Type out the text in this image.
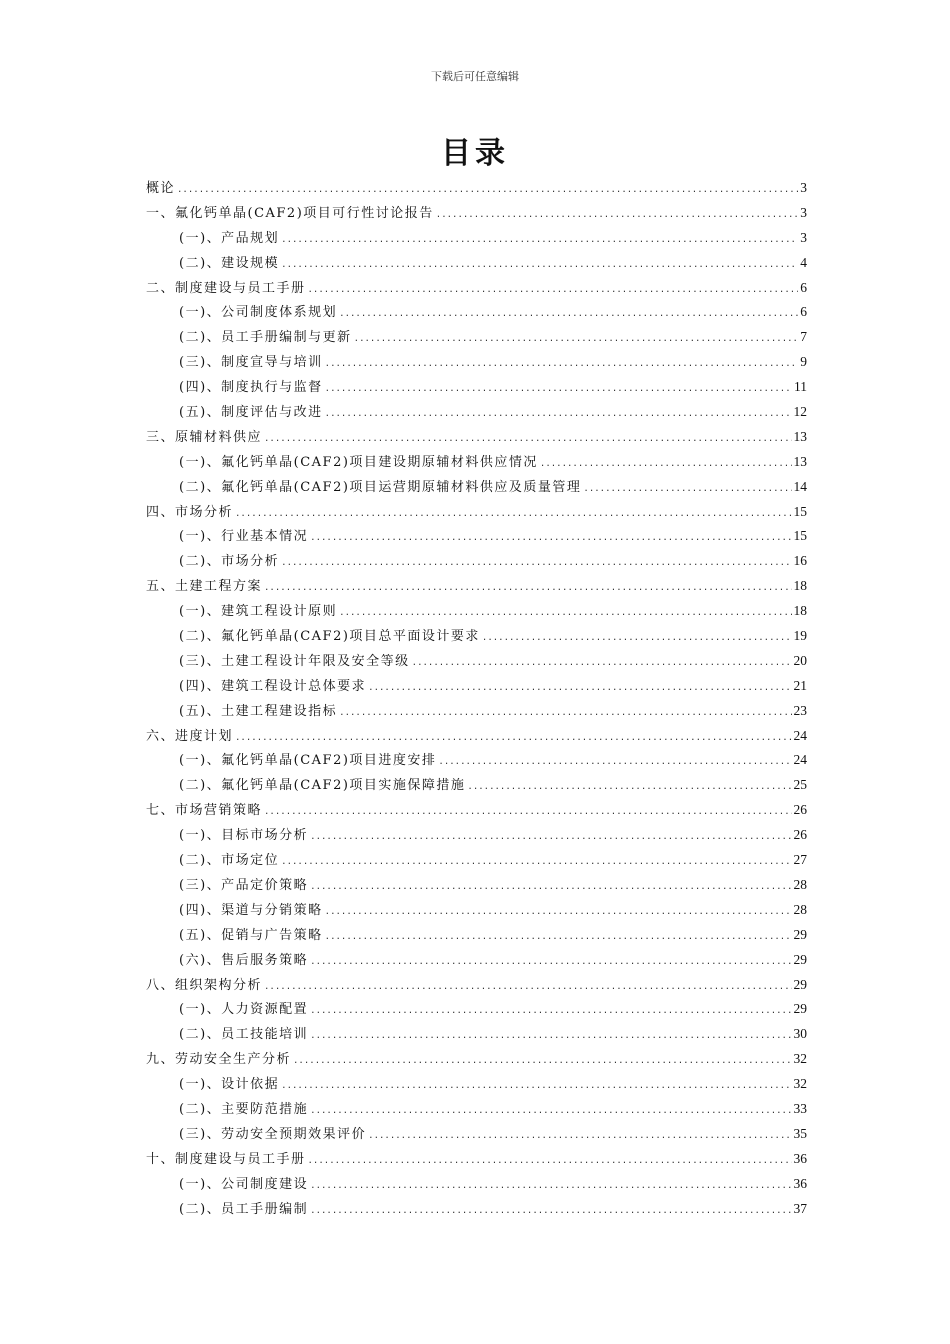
下载后可任意编辑
目录
概论 .....	3
一、氟化钙单晶(CAF2)项目可行性讨论报告 .....	3
(一)、产品规划 .....	3
(二)、建设规模 .....	4
二、制度建设与员工手册 .....	6
(一)、公司制度体系规划 .....	6
(二)、员工手册编制与更新 .....	7
(三)、制度宣导与培训 .....	9
(四)、制度执行与监督 .....	11
(五)、制度评估与改进 .....	12
三、原辅材料供应 .....	13
(一)、氟化钙单晶(CAF2)项目建设期原辅材料供应情况 .....	13
(二)、氟化钙单晶(CAF2)项目运营期原辅材料供应及质量管理 .....	14
四、市场分析 .....	15
(一)、行业基本情况 .....	15
(二)、市场分析 .....	16
五、土建工程方案 .....	18
(一)、建筑工程设计原则 .....	18
(二)、氟化钙单晶(CAF2)项目总平面设计要求 .....	19
(三)、土建工程设计年限及安全等级 .....	20
(四)、建筑工程设计总体要求 .....	21
(五)、土建工程建设指标 .....	23
六、进度计划 .....	24
(一)、氟化钙单晶(CAF2)项目进度安排 .....	24
(二)、氟化钙单晶(CAF2)项目实施保障措施 .....	25
七、市场营销策略 .....	26
(一)、目标市场分析 .....	26
(二)、市场定位 .....	27
(三)、产品定价策略 .....	28
(四)、渠道与分销策略 .....	28
(五)、促销与广告策略 .....	29
(六)、售后服务策略 .....	29
八、组织架构分析 .....	29
(一)、人力资源配置 .....	29
(二)、员工技能培训 .....	30
九、劳动安全生产分析 .....	32
(一)、设计依据 .....	32
(二)、主要防范措施 .....	33
(三)、劳动安全预期效果评价 .....	35
十、制度建设与员工手册 .....	36
(一)、公司制度建设 .....	36
(二)、员工手册编制 .....	37
